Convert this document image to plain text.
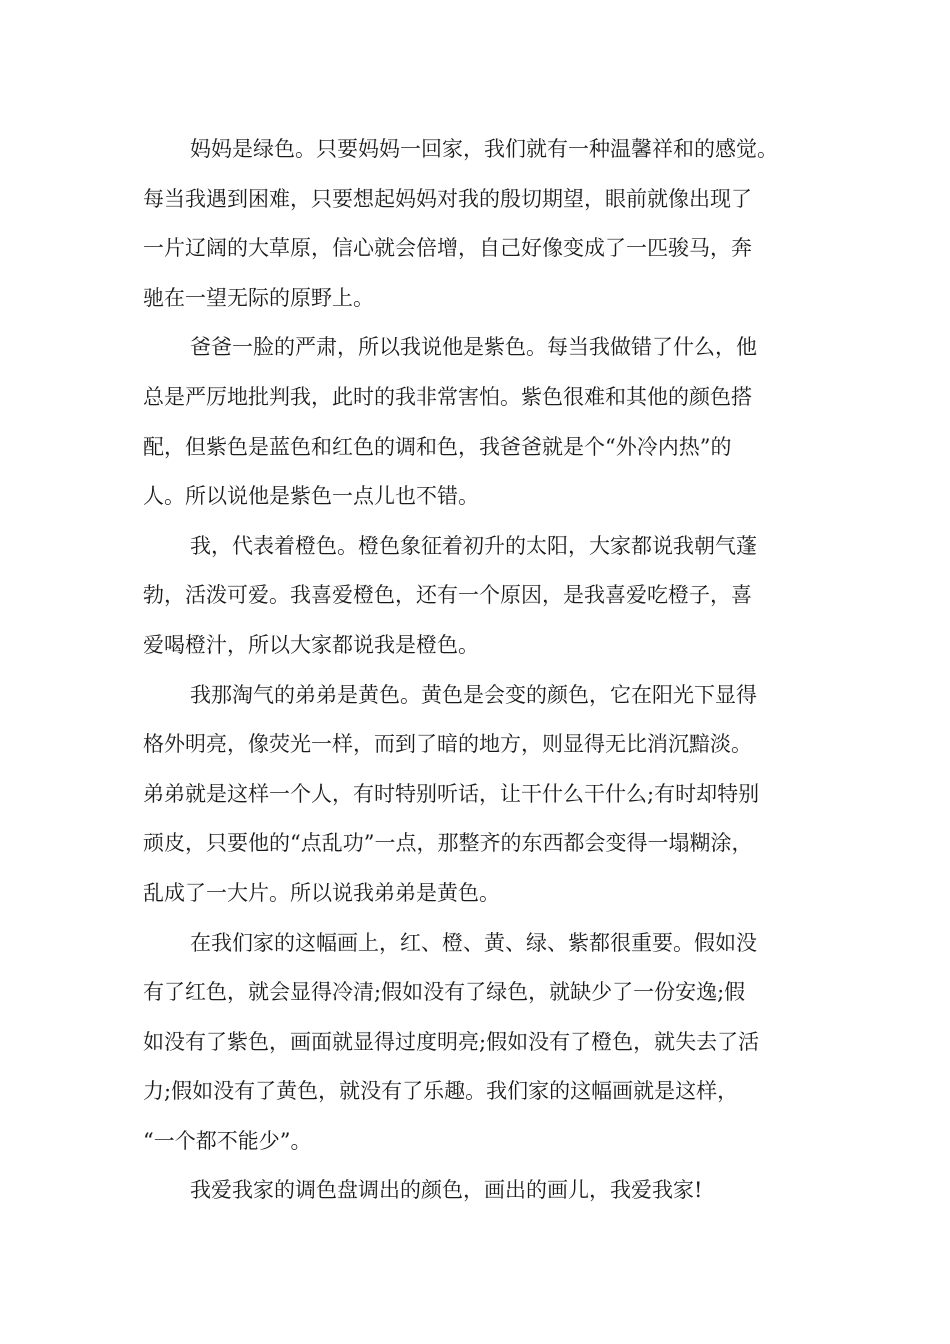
妈妈是绿色。只要妈妈一回家，我们就有一种温馨祥和的感觉。
每当我遇到困难，只要想起妈妈对我的殷切期望，眼前就像出现了
一片辽阔的大草原，信心就会倍增，自己好像变成了一匹骏马，奔
驰在一望无际的原野上。
爸爸一脸的严肃，所以我说他是紫色。每当我做错了什么，他
总是严厉地批判我，此时的我非常害怕。紫色很难和其他的颜色搭
配，但紫色是蓝色和红色的调和色，我爸爸就是个“外冷内热”的
人。所以说他是紫色一点儿也不错。
我，代表着橙色。橙色象征着初升的太阳，大家都说我朝气蓬
勃，活泼可爱。我喜爱橙色，还有一个原因，是我喜爱吃橙子，喜
爱喝橙汁，所以大家都说我是橙色。
我那淘气的弟弟是黄色。黄色是会变的颜色，它在阳光下显得
格外明亮，像荧光一样，而到了暗的地方，则显得无比消沉黯淡。
弟弟就是这样一个人，有时特别听话，让干什么干什么;有时却特别
顽皮，只要他的“点乱功”一点，那整齐的东西都会变得一塌糊涂，
乱成了一大片。所以说我弟弟是黄色。
在我们家的这幅画上，红、橙、黄、绿、紫都很重要。假如没
有了红色，就会显得冷清;假如没有了绿色，就缺少了一份安逸;假
如没有了紫色，画面就显得过度明亮;假如没有了橙色，就失去了活
力;假如没有了黄色，就没有了乐趣。我们家的这幅画就是这样，
“一个都不能少”。
我爱我家的调色盘调出的颜色，画出的画儿，我爱我家!
